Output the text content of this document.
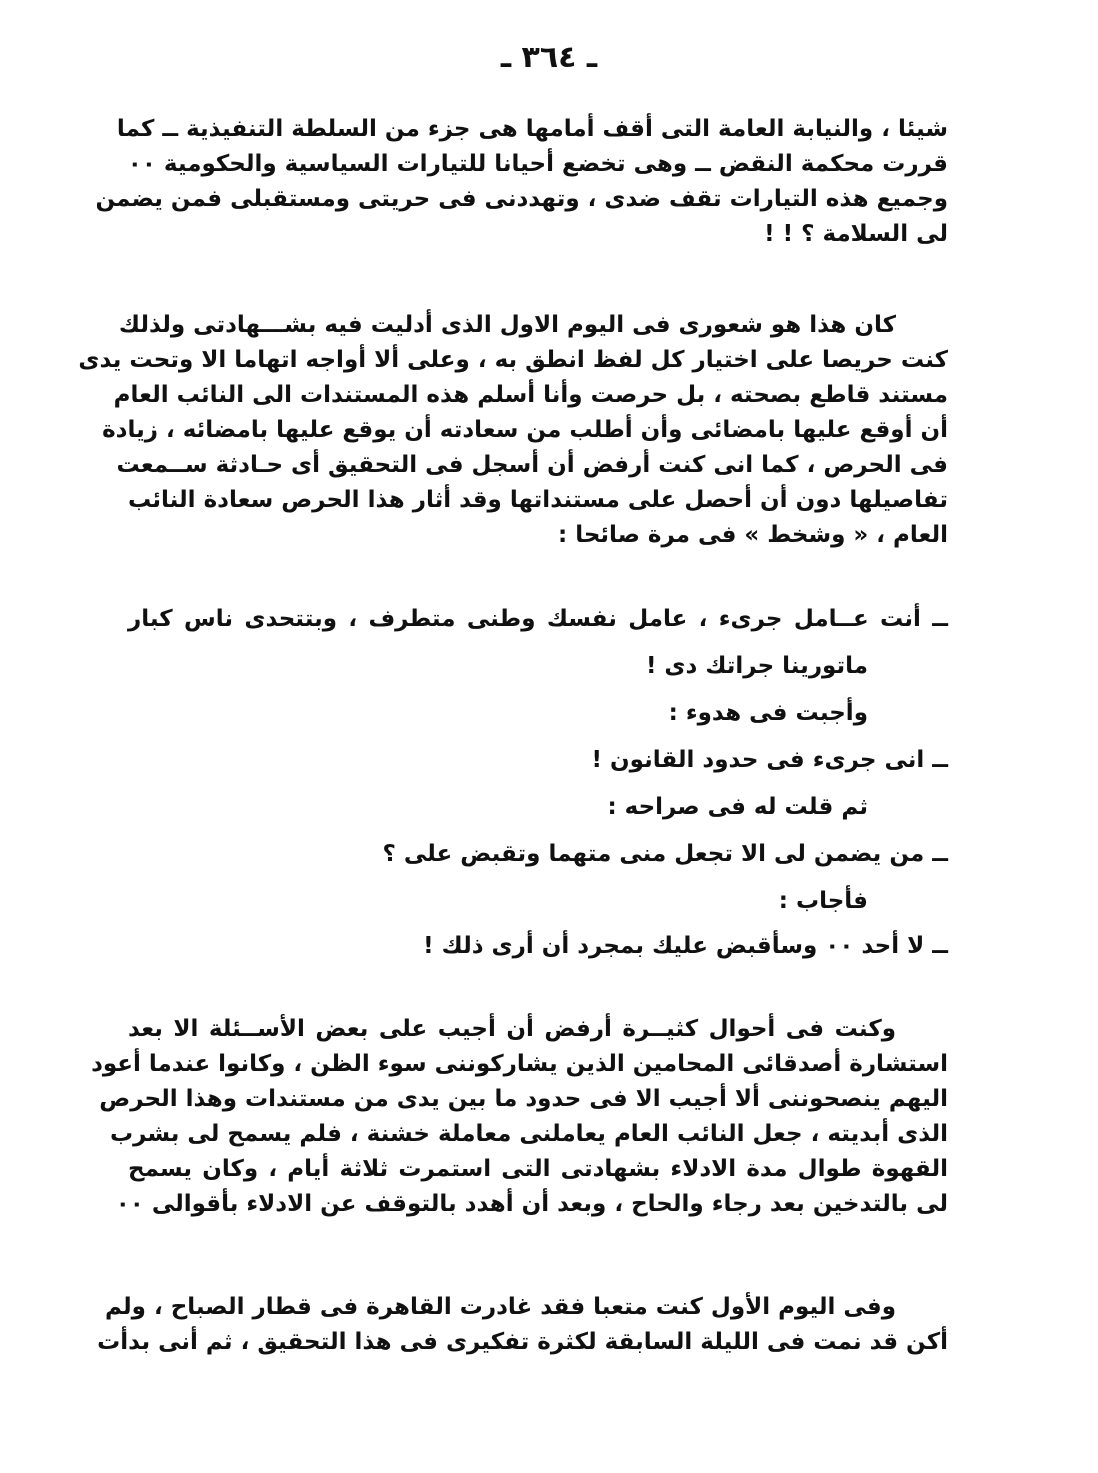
ـ ٣٦٤ ـ
شيئا ، والنيابة العامة التى أقف أمامها هى جزء من السلطة التنفيذية ــ كما
قررت محكمة النقض ــ وهى تخضع أحيانا للتيارات السياسية والحكومية ٠٠
وجميع هذه التيارات تقف ضدى ، وتهددنى فى حريتى ومستقبلى فمن يضمن
لى السلامة ؟ ! !
كان هذا هو شعورى فى اليوم الاول الذى أدليت فيه بشـــهادتى ولذلك
كنت حريصا على اختيار كل لفظ انطق به ، وعلى ألا أواجه اتهاما الا وتحت يدى
مستند قاطع بصحته ، بل حرصت وأنا أسلم هذه المستندات الى النائب العام
أن أوقع عليها بامضائى وأن أطلب من سعادته أن يوقع عليها بامضائه ، زيادة
فى الحرص ، كما انى كنت أرفض أن أسجل فى التحقيق أى حـادثة ســمعت
تفاصيلها دون أن أحصل على مستنداتها وقد أثار هذا الحرص سعادة النائب
العام ، « وشخط » فى مرة صائحا :
ــ أنت عــامل جرىء ، عامل نفسك وطنى متطرف ، وبتتحدى ناس كبار
ماتورينا جراتك دى !
وأجبت فى هدوء :
ــ انى جرىء فى حدود القانون !
ثم قلت له فى صراحه :
ــ من يضمن لى الا تجعل منى متهما وتقبض على ؟
فأجاب :
ــ لا أحد ٠٠ وسأقبض عليك بمجرد أن أرى ذلك !
وكنت فى أحوال كثيــرة أرفض أن أجيب على بعض الأســئلة الا بعد
استشارة أصدقائى المحامين الذين يشاركوننى سوء الظن ، وكانوا عندما أعود
اليهم ينصحوننى ألا أجيب الا فى حدود ما بين يدى من مستندات وهذا الحرص
الذى أبديته ، جعل النائب العام يعاملنى معاملة خشنة ، فلم يسمح لى بشرب
القهوة طوال مدة الادلاء بشهادتى التى استمرت ثلاثة أيام ، وكان يسمح
لى بالتدخين بعد رجاء والحاح ، وبعد أن أهدد بالتوقف عن الادلاء بأقوالى ٠٠
وفى اليوم الأول كنت متعبا فقد غادرت القاهرة فى قطار الصباح ، ولم
أكن قد نمت فى الليلة السابقة لكثرة تفكيرى فى هذا التحقيق ، ثم أنى بدأت
